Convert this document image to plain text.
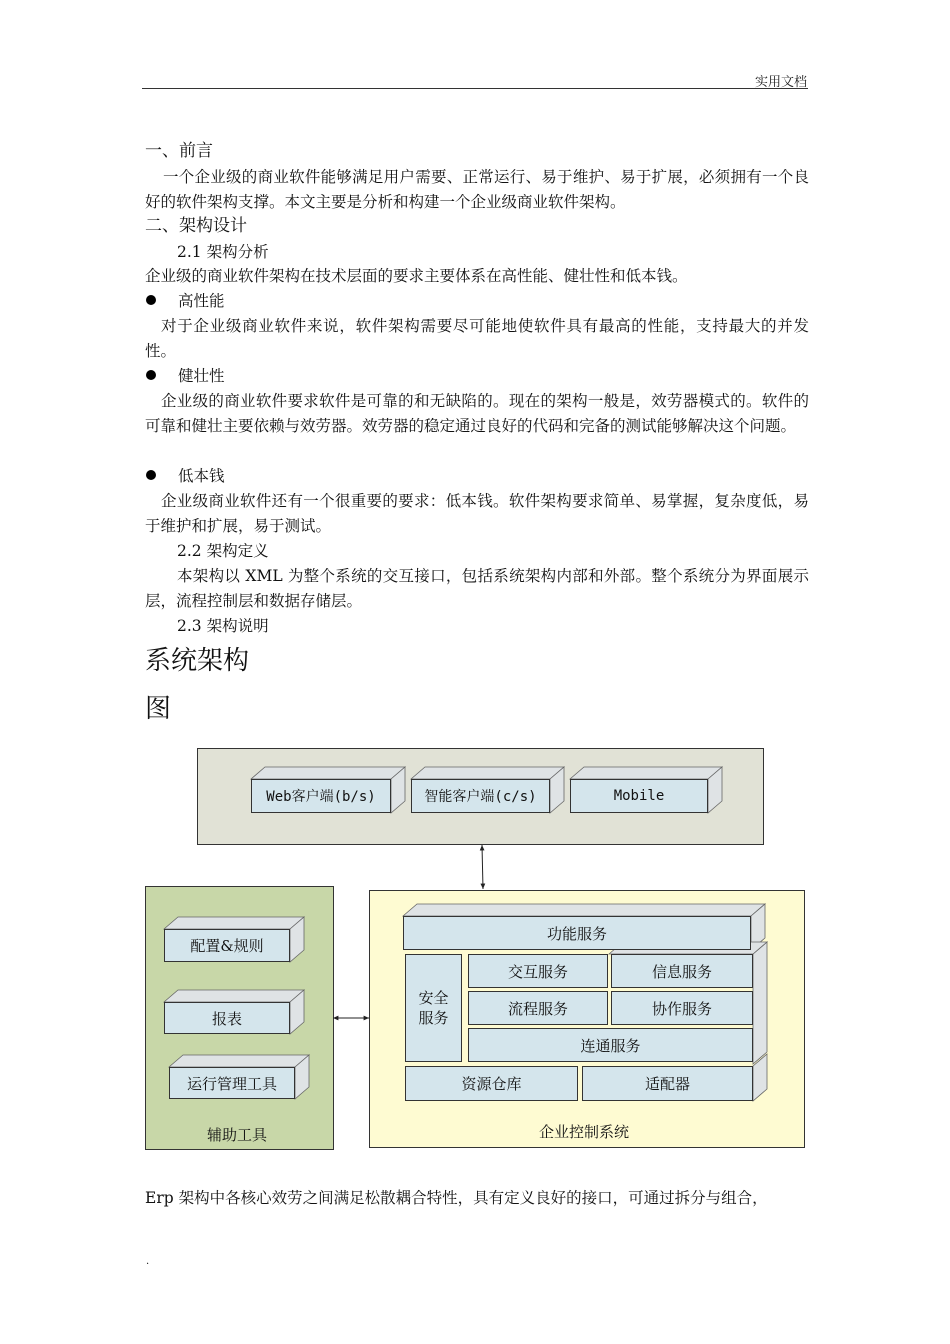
实用文档
一、前言
一个企业级的商业软件能够满足用户需要、正常运行、易于维护、易于扩展，必须拥有一个良好的软件架构支撑。本文主要是分析和构建一个企业级商业软件架构。
二、架构设计
2.1 架构分析
企业级的商业软件架构在技术层面的要求主要体系在高性能、健壮性和低本钱。
高性能
对于企业级商业软件来说，软件架构需要尽可能地使软件具有最高的性能，支持最大的并发性。
健壮性
企业级的商业软件要求软件是可靠的和无缺陷的。现在的架构一般是，效劳器模式的。软件的可靠和健壮主要依赖与效劳器。效劳器的稳定通过良好的代码和完备的测试能够解决这个问题。
低本钱
企业级商业软件还有一个很重要的要求：低本钱。软件架构要求简单、易掌握，复杂度低，易于维护和扩展，易于测试。
2.2 架构定义
本架构以 XML 为整个系统的交互接口，包括系统架构内部和外部。整个系统分为界面展示层，流程控制层和数据存储层。
2.3 架构说明
系统架构
图
Web客户端(b/s)	智能客户端(c/s)	Mobile
配置&规则
报表
运行管理工具
辅助工具
功能服务
安全
服务
交互服务	信息服务
流程服务	协作服务
连通服务
资源仓库	适配器
企业控制系统
Erp 架构中各核心效劳之间满足松散耦合特性，具有定义良好的接口，可通过拆分与组合，
.
